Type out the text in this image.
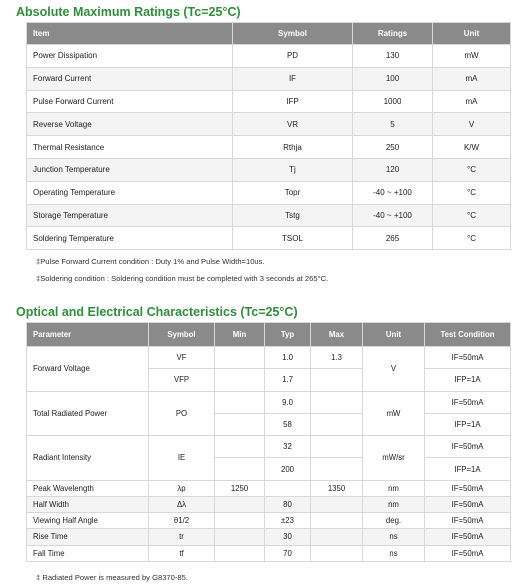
Absolute Maximum Ratings (Tc=25°C)
Item	Symbol	Ratings	Unit
Power Dissipation	PD	130	mW
Forward Current	IF	100	mA
Pulse Forward Current	IFP	1000	mA
Reverse Voltage	VR	5	V
Thermal Resistance	Rthja	250	K/W
Junction Temperature	Tj	120	°C
Operating Temperature	Topr	-40 ~ +100	°C
Storage Temperature	Tstg	-40 ~ +100	°C
Soldering Temperature	TSOL	265	°C
‡Pulse Forward Current condition : Duty 1% and Pulse Width=10us.
‡Soldering condition : Soldering condition must be completed with 3 seconds at 265°C.
Optical and Electrical Characteristics (Tc=25°C)
Parameter	Symbol	Min	Typ	Max	Unit	Test Condition
Forward Voltage	VF		1.0	1.3	V	IF=50mA
	VFP		1.7			IFP=1A
Total Radiated Power	PO		9.0		mW	IF=50mA
			58			IFP=1A
Radiant Intensity	IE		32		mW/sr	IF=50mA
			200			IFP=1A
Peak Wavelength	λp	1250		1350	nm	IF=50mA
Half Width	Δλ		80		nm	IF=50mA
Viewing Half Angle	θ1/2		±23		deg.	IF=50mA
Rise Time	tr		30		ns	IF=50mA
Fall Time	tf		70		ns	IF=50mA
‡ Radiated Power is measured by G8370-85.
